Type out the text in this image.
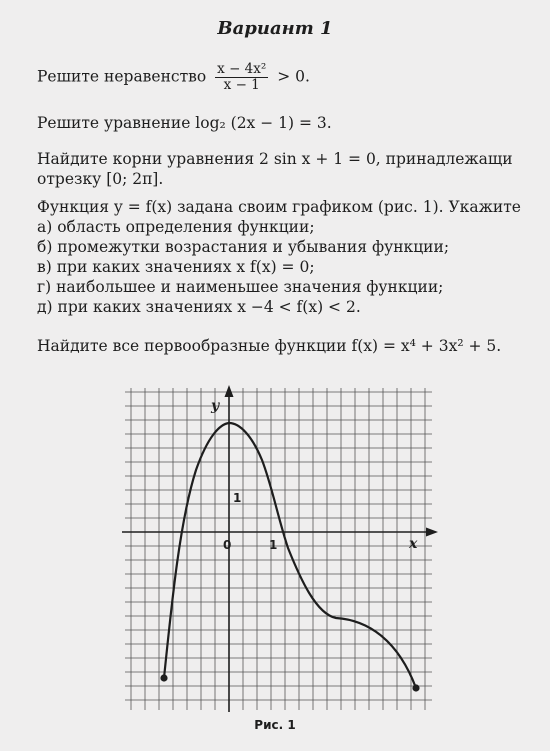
Вариант 1
Решите неравенство $\frac{\text{x − 4x²}}{x - 1} > 0$.
Решите уравнение log₂ (2x − 1) = 3.
Найдите корни уравнения 2 sin x + 1 = 0, принадлежащи
отрезку [0; 2π].
Функция y = f(x) задана своим графиком (рис. 1). Укажите
а) область определения функции;
б) промежутки возрастания и убывания функции;
в) при каких значениях x f(x) = 0;
г) наибольшее и наименьшее значения функции;
д) при каких значениях x −4 < f(x) < 2.
Найдите все первообразные функции f(x) = x⁴ + 3x² + 5.
y
x
0	1
1
Рис. 1
